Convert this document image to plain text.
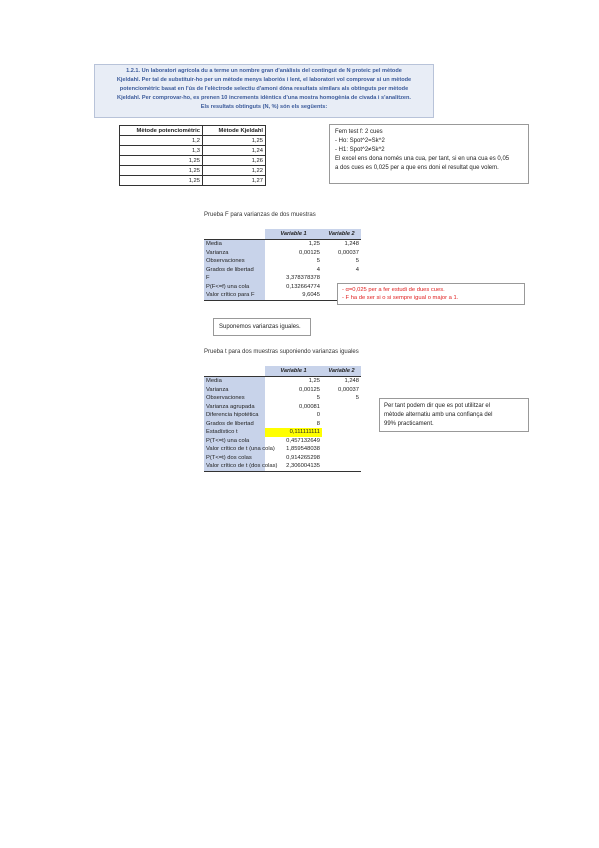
1.2.1. Un laboratori agrícola du a terme un nombre gran d'anàlisis del contingut de N proteic pel mètode
Kjeldahl. Per tal de substituir-ho per un mètode menys laboriós i lent, el laboratori vol comprovar si un mètode
potenciomètric basat en l'ús de l'elèctrode selectiu d'amoni dóna resultats similars als obtinguts per mètode
Kjeldahl. Per comprovar-ho, es prenen 10 increments idèntics d'una mostra homogènia de civada i s'analitzen.
Els resultats obtinguts (N, %) són els següents:
Mètode potenciomètric	Mètode Kjeldahl
1,2	1,25
1,3	1,24
1,25	1,26
1,25	1,22
1,25	1,27
Fem test f: 2 cues
- Ho: Spot^2=Sk^2
- H1: Spot^2≠Sk^2
El excel ens dona només una cua, per tant, si en una cua es 0,05
a dos cues es 0,025 per a que ens doni el resultat que volem.
Prueba F para varianzas de dos muestras
	Variable 1	Variable 2
Media	1,25	1,248
Varianza	0,00125	0,00037
Observaciones	5	5
Grados de libertad	4	4
F	3,378378378	
P(F<=f) una cola	0,132664774	
Valor crítico para F	9,6045	
- α=0,025 per a fer estudi de dues cues.
- F ha de ser si o si sempre igual o major a 1.
Suponemos varianzas iguales.
Prueba t para dos muestras suponiendo varianzas iguales
	Variable 1	Variable 2
Media	1,25	1,248
Varianza	0,00125	0,00037
Observaciones	5	5
Varianza agrupada	0,00081	
Diferencia hipotética	0	
Grados de libertad	8	
Estadístico t	0,111111111	
P(T<=t) una cola	0,457132649	
Valor crítico de t (una cola)	1,859548038	
P(T<=t) dos colas	0,914265298	
Valor crítico de t (dos colas)	2,306004135	
Per tant podem dir que es pot utilitzar el
mètode alternatiu amb una confiança del
99% practicament.
